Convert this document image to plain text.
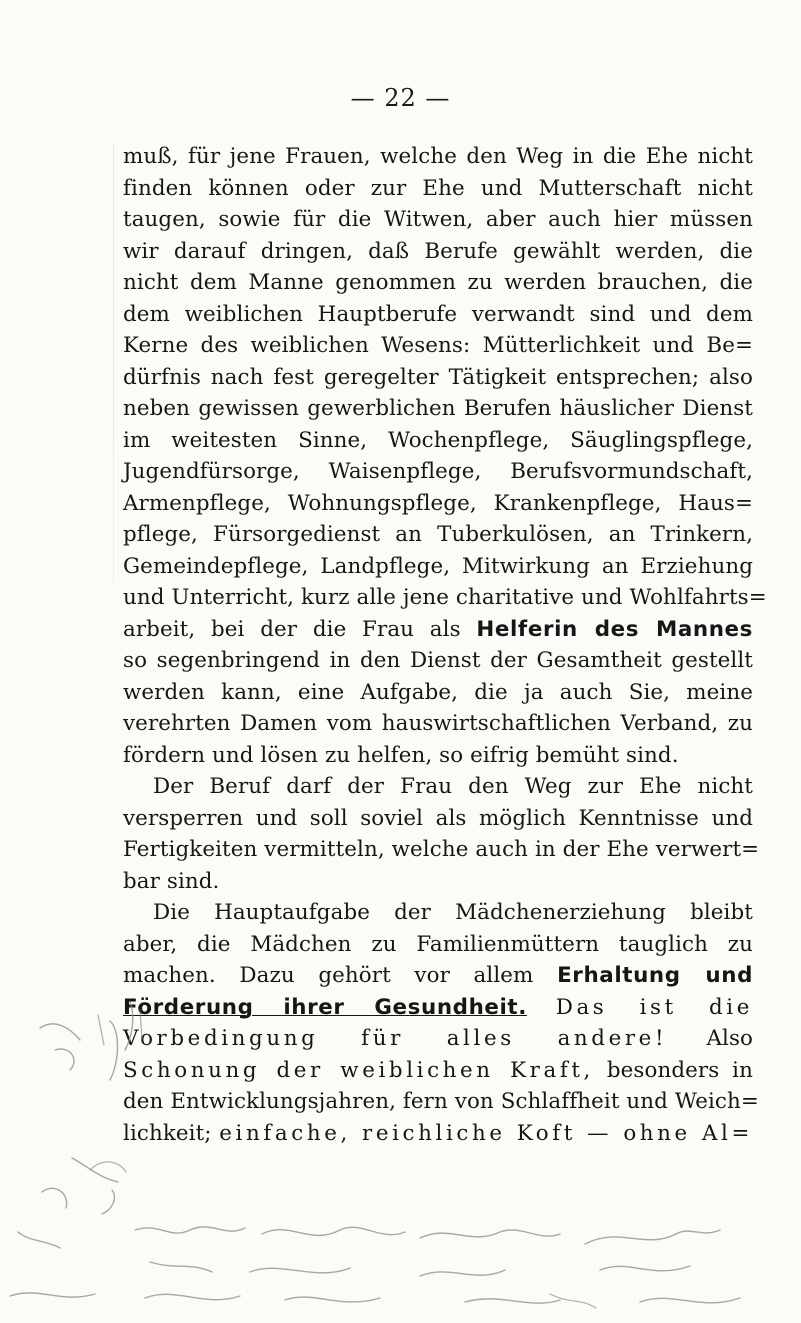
— 22 —
muß, für jene Frauen, welche den Weg in die Ehe nicht
finden können oder zur Ehe und Mutterschaft nicht
taugen, sowie für die Witwen, aber auch hier müssen
wir darauf dringen, daß Berufe gewählt werden, die
nicht dem Manne genommen zu werden brauchen, die
dem weiblichen Hauptberufe verwandt sind und dem
Kerne des weiblichen Wesens: Mütterlichkeit und Be=
dürfnis nach fest geregelter Tätigkeit entsprechen; also
neben gewissen gewerblichen Berufen häuslicher Dienst
im weitesten Sinne, Wochenpflege, Säuglingspflege,
Jugendfürsorge, Waisenpflege, Berufsvormundschaft,
Armenpflege, Wohnungspflege, Krankenpflege, Haus=
pflege, Fürsorgedienst an Tuberkulösen, an Trinkern,
Gemeindepflege, Landpflege, Mitwirkung an Erziehung
und Unterricht, kurz alle jene charitative und Wohlfahrts=
arbeit, bei der die Frau als Helferin des Mannes
so segenbringend in den Dienst der Gesamtheit gestellt
werden kann, eine Aufgabe, die ja auch Sie, meine
verehrten Damen vom hauswirtschaftlichen Verband, zu
fördern und lösen zu helfen, so eifrig bemüht sind.
Der Beruf darf der Frau den Weg zur Ehe nicht
versperren und soll soviel als möglich Kenntnisse und
Fertigkeiten vermitteln, welche auch in der Ehe verwert=
bar sind.
Die Hauptaufgabe der Mädchenerziehung bleibt
aber, die Mädchen zu Familienmüttern tauglich zu
machen. Dazu gehört vor allem Erhaltung und
Förderung ihrer Gesundheit. Das ist die
Vorbedingung für alles andere! Also
Schonung der weiblichen Kraft, besonders in
den Entwicklungsjahren, fern von Schlaffheit und Weich=
lichkeit; einfache, reichliche Koft — ohne Al=
